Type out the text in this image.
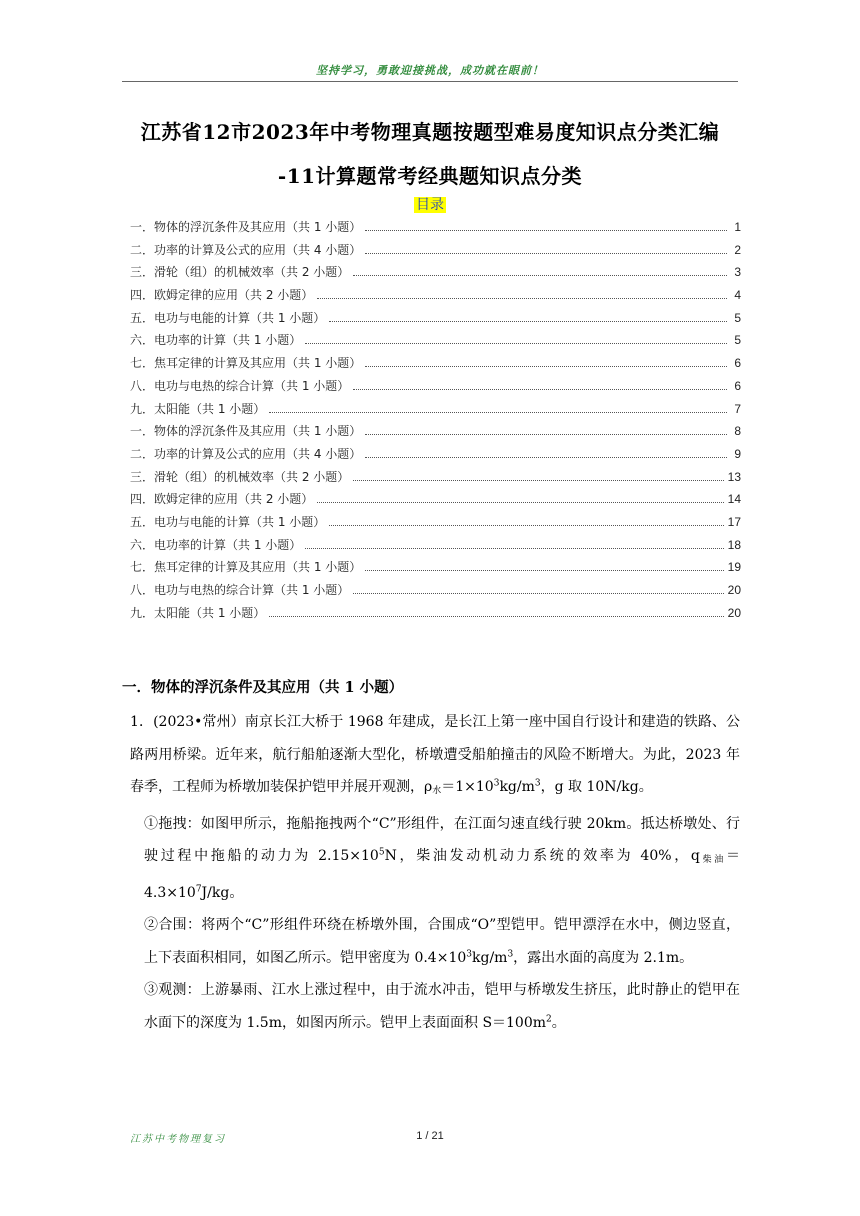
坚持学习，勇敢迎接挑战，成功就在眼前！
江苏省12市2023年中考物理真题按题型难易度知识点分类汇编
-11计算题常考经典题知识点分类
目录
一． 物体的浮沉条件及其应用（共 1 小题）	1
二． 功率的计算及公式的应用（共 4 小题）	2
三． 滑轮（组）的机械效率（共 2 小题）	3
四． 欧姆定律的应用（共 2 小题）	4
五． 电功与电能的计算（共 1 小题）	5
六． 电功率的计算（共 1 小题）	5
七． 焦耳定律的计算及其应用（共 1 小题）	6
八． 电功与电热的综合计算（共 1 小题）	6
九． 太阳能（共 1 小题）	7
一． 物体的浮沉条件及其应用（共 1 小题）	8
二． 功率的计算及公式的应用（共 4 小题）	9
三． 滑轮（组）的机械效率（共 2 小题）	13
四． 欧姆定律的应用（共 2 小题）	14
五． 电功与电能的计算（共 1 小题）	17
六． 电功率的计算（共 1 小题）	18
七． 焦耳定律的计算及其应用（共 1 小题）	19
八． 电功与电热的综合计算（共 1 小题）	20
九． 太阳能（共 1 小题）	20
一．物体的浮沉条件及其应用（共 1 小题）

1．(2023•常州）南京长江大桥于 1968 年建成，是长江上第一座中国自行设计和建造的铁路、公路两用桥梁。近年来，航行船舶逐渐大型化，桥墩遭受船舶撞击的风险不断增大。为此，2023 年春季，工程师为桥墩加装保护铠甲并展开观测，$\rho_水=1\times 10^3kg/m^3$，g 取 10N/kg。

①拖拽：如图甲所示，拖船拖拽两个“C”形组件，在江面匀速直线行驶 20km。抵达桥墩处、行驶过程中拖船的动力为 $2.15\times 10^5N$，柴油发动机动力系统的效率为 40%，$q_{柴油}=4.3\times 10^7J/kg$。

②合围：将两个“C”形组件环绕在桥墩外围，合围成“O”型铠甲。铠甲漂浮在水中，侧边竖直，上下表面积相同，如图乙所示。铠甲密度为 $0.4\times 10^3kg/m^3$，露出水面的高度为 2.1m。

③观测：上游暴雨、江水上涨过程中，由于流水冲击，铠甲与桥墩发生挤压，此时静止的铠甲在水面下的深度为 1.5m，如图丙所示。铠甲上表面面积 $S=100m^2$。

江苏中考物理复习	1 / 21
